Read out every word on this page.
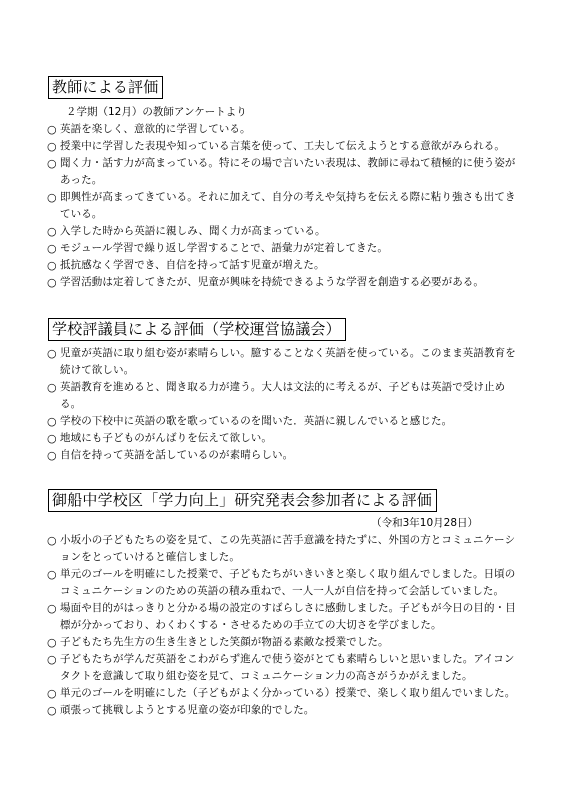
教師による評価
２学期（12月）の教師アンケートより
○ 英語を楽しく、意欲的に学習している。
○ 授業中に学習した表現や知っている言葉を使って、工夫して伝えようとする意欲がみられる。
○ 聞く力・話す力が高まっている。特にその場で言いたい表現は、教師に尋ねて積極的に使う姿があった。
○ 即興性が高まってきている。それに加えて、自分の考えや気持ちを伝える際に粘り強さも出てきている。
○ 入学した時から英語に親しみ、聞く力が高まっている。
○ モジュール学習で繰り返し学習することで、語彙力が定着してきた。
○ 抵抗感なく学習でき、自信を持って話す児童が増えた。
○ 学習活動は定着してきたが、児童が興味を持続できるような学習を創造する必要がある。
学校評議員による評価（学校運営協議会）
○ 児童が英語に取り組む姿が素晴らしい。臆することなく英語を使っている。このまま英語教育を続けて欲しい。
○ 英語教育を進めると、聞き取る力が違う。大人は文法的に考えるが、子どもは英語で受け止める。
○ 学校の下校中に英語の歌を歌っているのを聞いた．英語に親しんでいると感じた。
○ 地域にも子どものがんばりを伝えて欲しい。
○ 自信を持って英語を話しているのが素晴らしい。
御船中学校区「学力向上」研究発表会参加者による評価
（令和3年10月28日）
○ 小坂小の子どもたちの姿を見て、この先英語に苦手意識を持たずに、外国の方とコミュニケーションをとっていけると確信しました。
○ 単元のゴールを明確にした授業で、子どもたちがいきいきと楽しく取り組んでしました。日頃のコミュニケーションのための英語の積み重ねで、一人一人が自信を持って会話していました。
○ 場面や目的がはっきりと分かる場の設定のすばらしさに感動しました。子どもが今日の目的・目標が分かっており、わくわくする・させるための手立ての大切さを学びました。
○ 子どもたち先生方の生き生きとした笑顔が物語る素敵な授業でした。
○ 子どもたちが学んだ英語をこわがらず進んで使う姿がとても素晴らしいと思いました。アイコンタクトを意識して取り組む姿を見て、コミュニケーション力の高さがうかがえました。
○ 単元のゴールを明確にした（子どもがよく分かっている）授業で、楽しく取り組んでいました。
○ 頑張って挑戦しようとする児童の姿が印象的でした。
